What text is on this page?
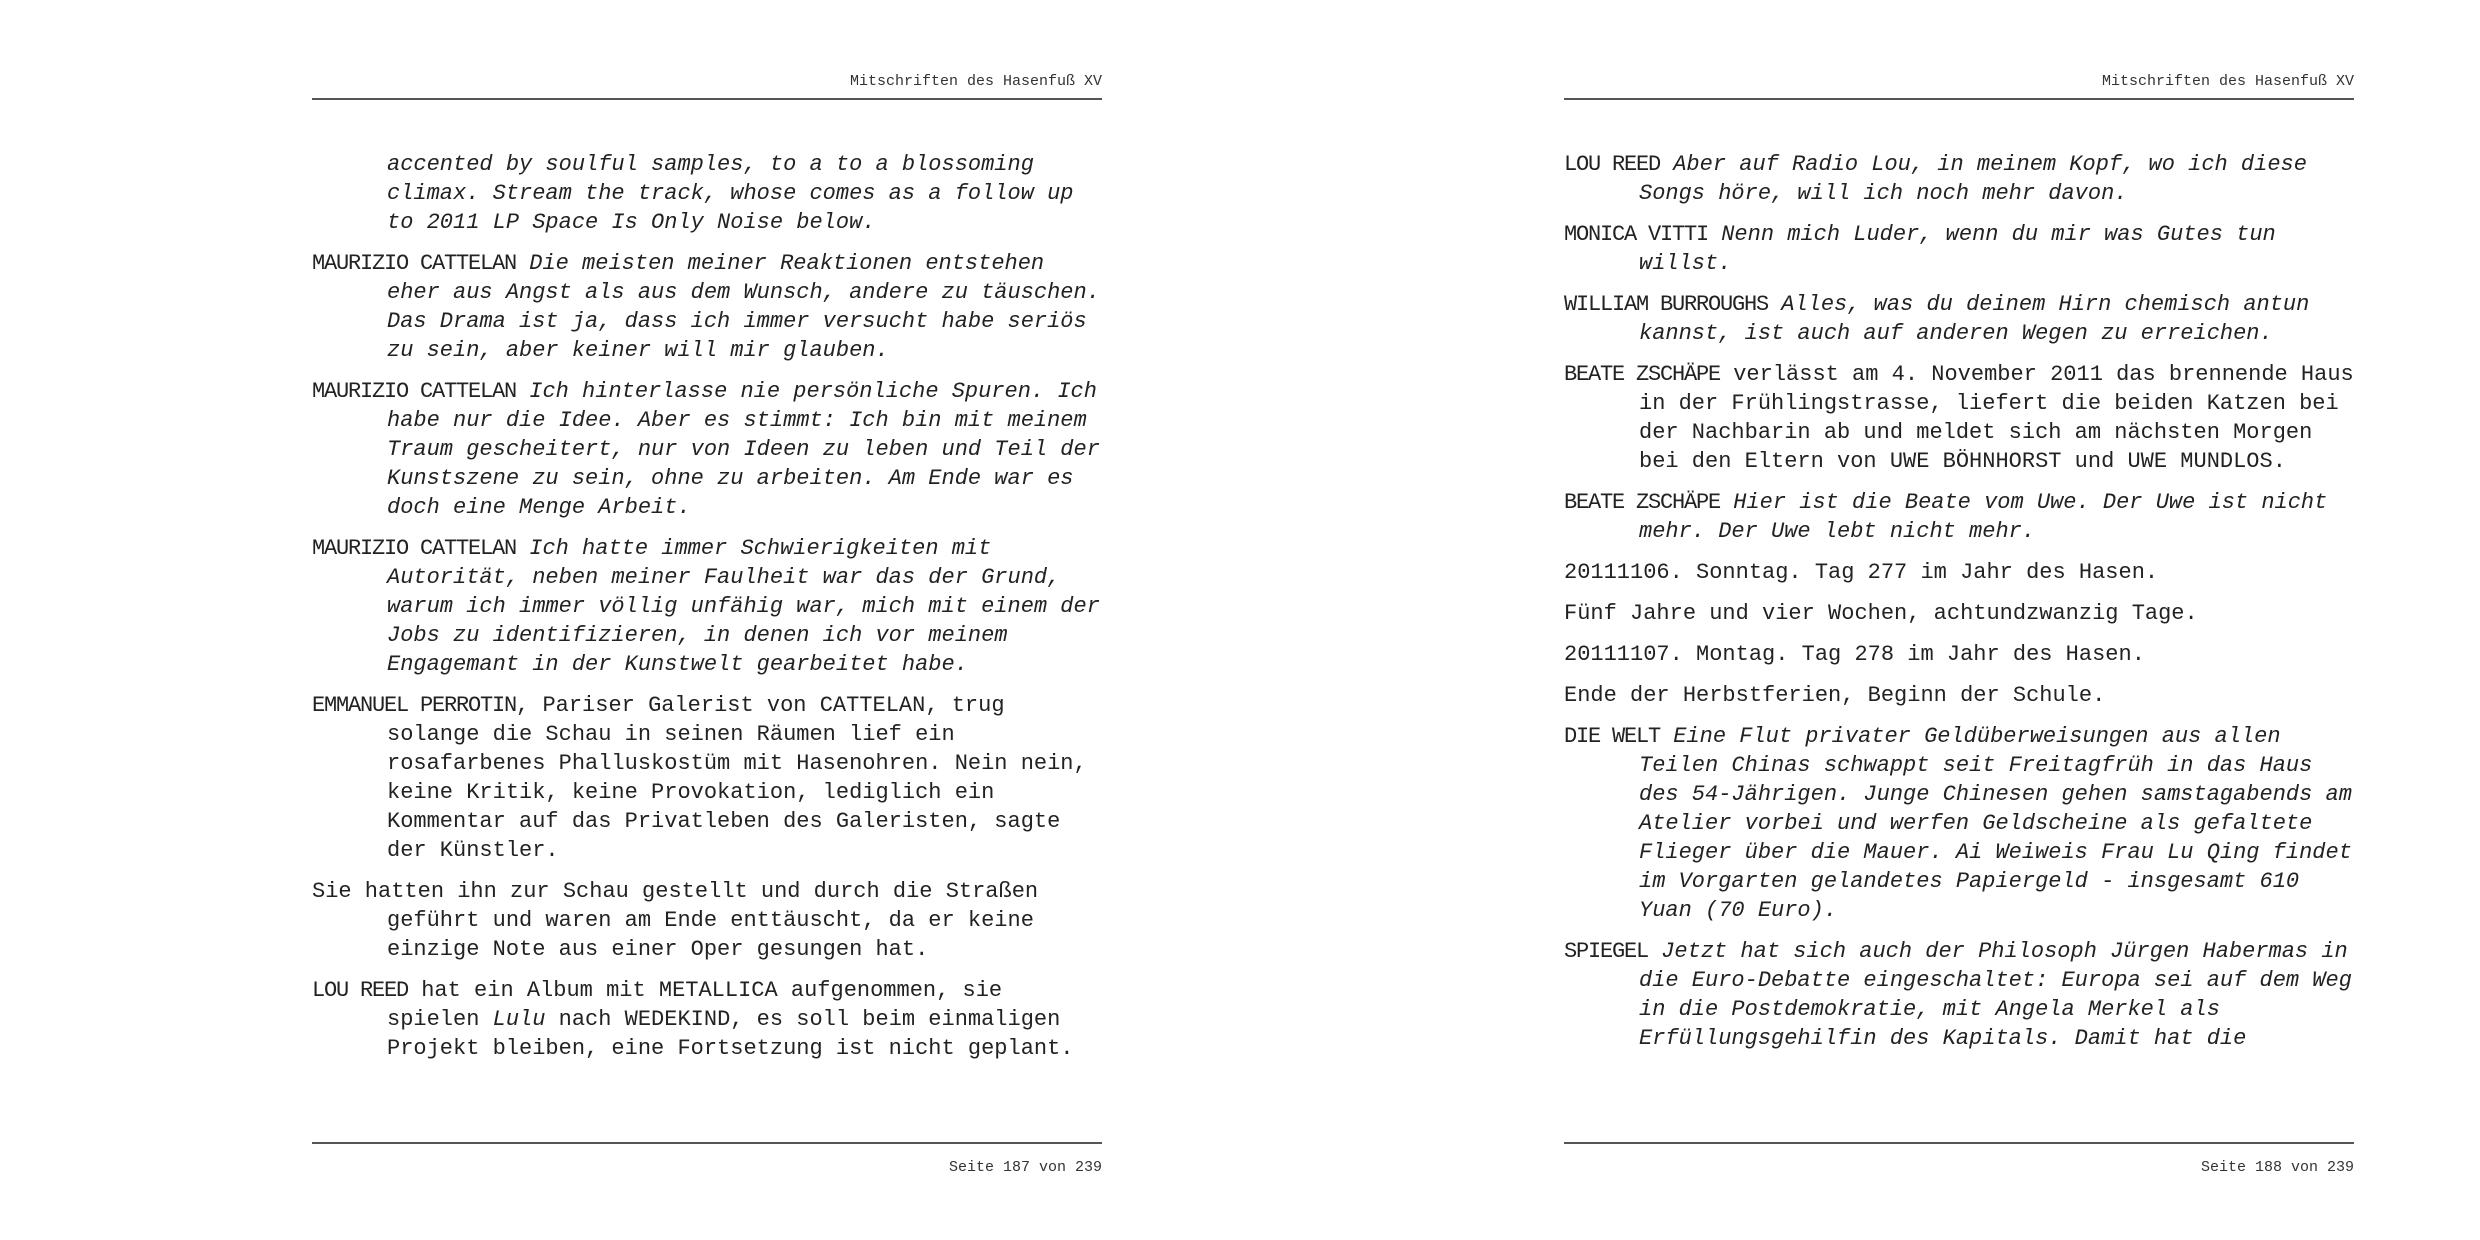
Mitschriften des Hasenfuß XV

accented by soulful samples, to a to a blossoming climax. Stream the track, whose comes as a follow up to 2011 LP Space Is Only Noise below.

MAURIZIO CATTELAN Die meisten meiner Reaktionen entstehen eher aus Angst als aus dem Wunsch, andere zu täuschen. Das Drama ist ja, dass ich immer versucht habe seriös zu sein, aber keiner will mir glauben.

MAURIZIO CATTELAN Ich hinterlasse nie persönliche Spuren. Ich habe nur die Idee. Aber es stimmt: Ich bin mit meinem Traum gescheitert, nur von Ideen zu leben und Teil der Kunstszene zu sein, ohne zu arbeiten. Am Ende war es doch eine Menge Arbeit.

MAURIZIO CATTELAN Ich hatte immer Schwierigkeiten mit Autorität, neben meiner Faulheit war das der Grund, warum ich immer völlig unfähig war, mich mit einem der Jobs zu identifizieren, in denen ich vor meinem Engagemant in der Kunstwelt gearbeitet habe.

EMMANUEL PERROTIN, Pariser Galerist von CATTELAN, trug solange die Schau in seinen Räumen lief ein rosafarbenes Phalluskostüm mit Hasenohren. Nein nein, keine Kritik, keine Provokation, lediglich ein Kommentar auf das Privatleben des Galeristen, sagte der Künstler.

Sie hatten ihn zur Schau gestellt und durch die Straßen geführt und waren am Ende enttäuscht, da er keine einzige Note aus einer Oper gesungen hat.

LOU REED hat ein Album mit METALLICA aufgenommen, sie spielen Lulu nach WEDEKIND, es soll beim einmaligen Projekt bleiben, eine Fortsetzung ist nicht geplant.

Seite 187 von 239
Mitschriften des Hasenfuß XV

LOU REED Aber auf Radio Lou, in meinem Kopf, wo ich diese Songs höre, will ich noch mehr davon.

MONICA VITTI Nenn mich Luder, wenn du mir was Gutes tun willst.

WILLIAM BURROUGHS Alles, was du deinem Hirn chemisch antun kannst, ist auch auf anderen Wegen zu erreichen.

BEATE ZSCHÄPE verlässt am 4. November 2011 das brennende Haus in der Frühlingstrasse, liefert die beiden Katzen bei der Nachbarin ab und meldet sich am nächsten Morgen bei den Eltern von UWE BÖHNHORST und UWE MUNDLOS.

BEATE ZSCHÄPE Hier ist die Beate vom Uwe. Der Uwe ist nicht mehr. Der Uwe lebt nicht mehr.

20111106. Sonntag. Tag 277 im Jahr des Hasen.

Fünf Jahre und vier Wochen, achtundzwanzig Tage.

20111107. Montag. Tag 278 im Jahr des Hasen.

Ende der Herbstferien, Beginn der Schule.

DIE WELT Eine Flut privater Geldüberweisungen aus allen Teilen Chinas schwappt seit Freitagfrüh in das Haus des 54-Jährigen. Junge Chinesen gehen samstagabends am Atelier vorbei und werfen Geldscheine als gefaltete Flieger über die Mauer. Ai Weiweis Frau Lu Qing findet im Vorgarten gelandetes Papiergeld - insgesamt 610 Yuan (70 Euro).

SPIEGEL Jetzt hat sich auch der Philosoph Jürgen Habermas in die Euro-Debatte eingeschaltet: Europa sei auf dem Weg in die Postdemokratie, mit Angela Merkel als Erfüllungsgehilfin des Kapitals. Damit hat die

Seite 188 von 239
